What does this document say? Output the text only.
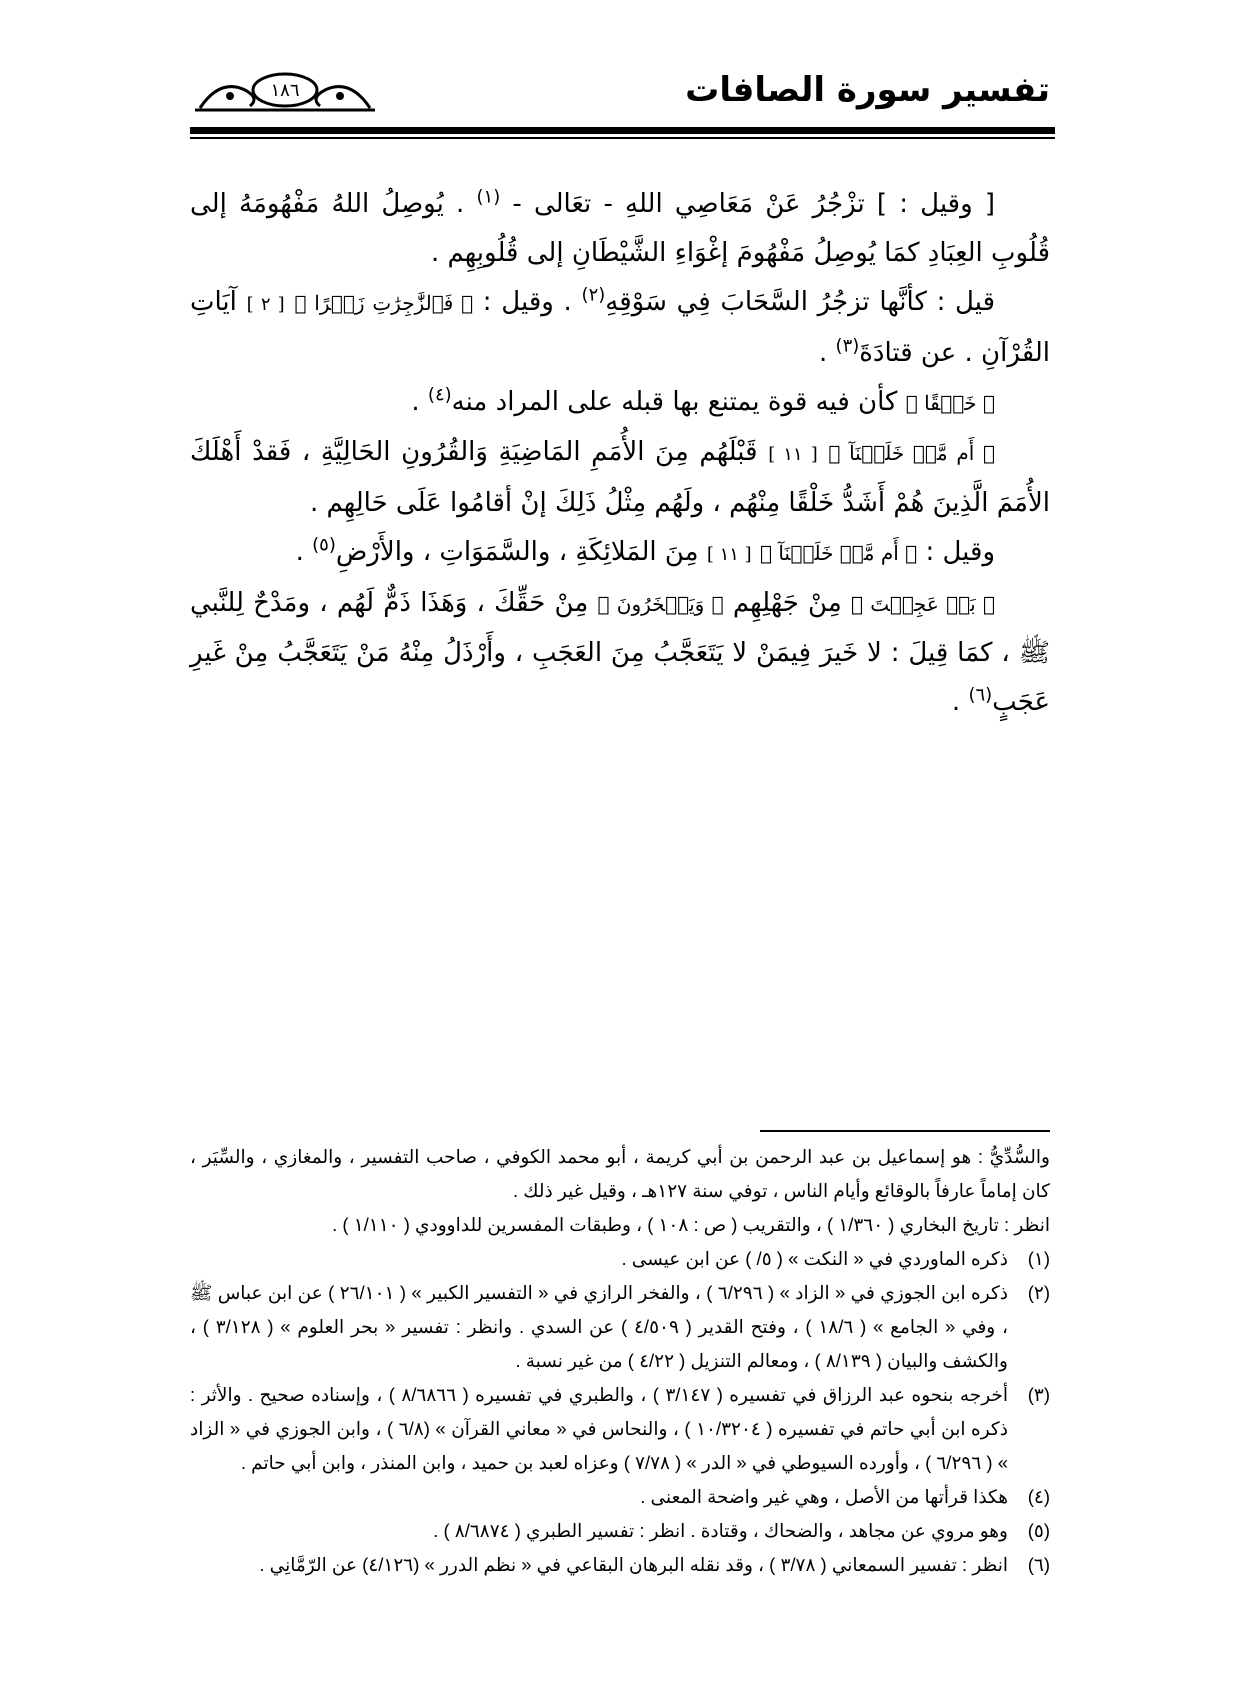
تفسير سورة الصافات
١٨٦

[ وقيل : ] تزْجُرُ عَنْ مَعَاصِي اللهِ - تعَالى - $^{(١)}$ . يُوصِلُ اللهُ مَفْهُومَهُ إلى قُلُوبِ العِبَادِ كمَا يُوصِلُ مَفْهُومَ إغْوَاءِ الشَّيْطَانِ إلى قُلُوبِهِم .

قيل : كأنَّها تزجُرُ السَّحَابَ فِي سَوْقِهِ$^{(٢)}$ . وقيل : ﴿ فَٱلزَّٰجِرَٰتِ زَجۡرًا ﴾ [ ٢ ] آيَاتِ القُرْآنِ . عن قتادَةَ$^{(٣)}$ .

﴿ خَلۡقًا ﴾ كأن فيه قوة يمتنع بها قبله على المراد منه$^{(٤)}$ .

﴿ أَم مَّنۡ خَلَقۡنَآ ﴾ [ ١١ ] قَبْلَهُم مِنَ الأُمَمِ المَاضِيَةِ وَالقُرُونِ الحَالِيَّةِ ، فَقدْ أَهْلَكَ الأُمَمَ الَّذِينَ هُمْ أَشَدُّ خَلْقًا مِنْهُم ، ولَهُم مِثْلُ ذَلِكَ إنْ أقامُوا عَلَى حَالِهِم .

وقيل : ﴿ أَم مَّنۡ خَلَقۡنَآ ﴾ [ ١١ ] مِنَ المَلائِكَةِ ، والسَّمَوَاتِ ، والأَرْضِ$^{(٥)}$ .

﴿ بَلۡ عَجِبۡتَ ﴾ مِنْ جَهْلِهِم ﴿ وَيَسۡخَرُونَ ﴾ مِنْ حَقِّكَ ، وَهَذَا ذَمٌّ لَهُم ، ومَدْحٌ لِلنَّبي ﷺ ، كمَا قِيلَ : لا خَيرَ فِيمَنْ لا يَتَعَجَّبُ مِنَ العَجَبِ ، وأَرْذَلُ مِنْهُ مَنْ يَتَعَجَّبُ مِنْ غَيرِ عَجَبٍ$^{(٦)}$ .

والسُّدِّيُّ : هو إسماعيل بن عبد الرحمن بن أبي كريمة ، أبو محمد الكوفي ، صاحب التفسير ، والمغازي ، والسِّيَر ، كان إماماً عارفاً بالوقائع وأيام الناس ، توفي سنة ١٢٧هـ ، وقيل غير ذلك .

انظر : تاريخ البخاري ( ١/٣٦٠ ) ، والتقريب ( ص : ١٠٨ ) ، وطبقات المفسرين للداوودي ( ١/١١٠ ) .

(١)
ذكره الماوردي في « النكت » ( ٥/ ) عن ابن عيسى .

(٢)
ذكره ابن الجوزي في « الزاد » ( ٦/٢٩٦ ) ، والفخر الرازي في « التفسير الكبير » ( ٢٦/١٠١ ) عن ابن عباس ﷺ ، وفي « الجامع » ( ١٨/٦ ) ، وفتح القدير ( ٤/٥٠٩ ) عن السدي . وانظر : تفسير « بحر العلوم » ( ٣/١٢٨ ) ، والكشف والبيان ( ٨/١٣٩ ) ، ومعالم التنزيل ( ٤/٢٢ ) من غير نسبة .

(٣)
أخرجه بنحوه عبد الرزاق في تفسيره ( ٣/١٤٧ ) ، والطبري في تفسيره ( ٨/٦٨٦٦ ) ، وإسناده صحيح . والأثر : ذكره ابن أبي حاتم في تفسيره ( ١٠/٣٢٠٤ ) ، والنحاس في « معاني القرآن » (٦/٨ ) ، وابن الجوزي في « الزاد » ( ٦/٢٩٦ ) ، وأورده السيوطي في « الدر » ( ٧/٧٨ ) وعزاه لعبد بن حميد ، وابن المنذر ، وابن أبي حاتم .

(٤)
هكذا قرأتها من الأصل ، وهي غير واضحة المعنى .

(٥)
وهو مروي عن مجاهد ، والضحاك ، وقتادة . انظر : تفسير الطبري ( ٨/٦٨٧٤ ) .

(٦)
انظر : تفسير السمعاني ( ٣/٧٨ ) ، وقد نقله البرهان البقاعي في « نظم الدرر » (٤/١٢٦) عن الرّمَّانِي .
